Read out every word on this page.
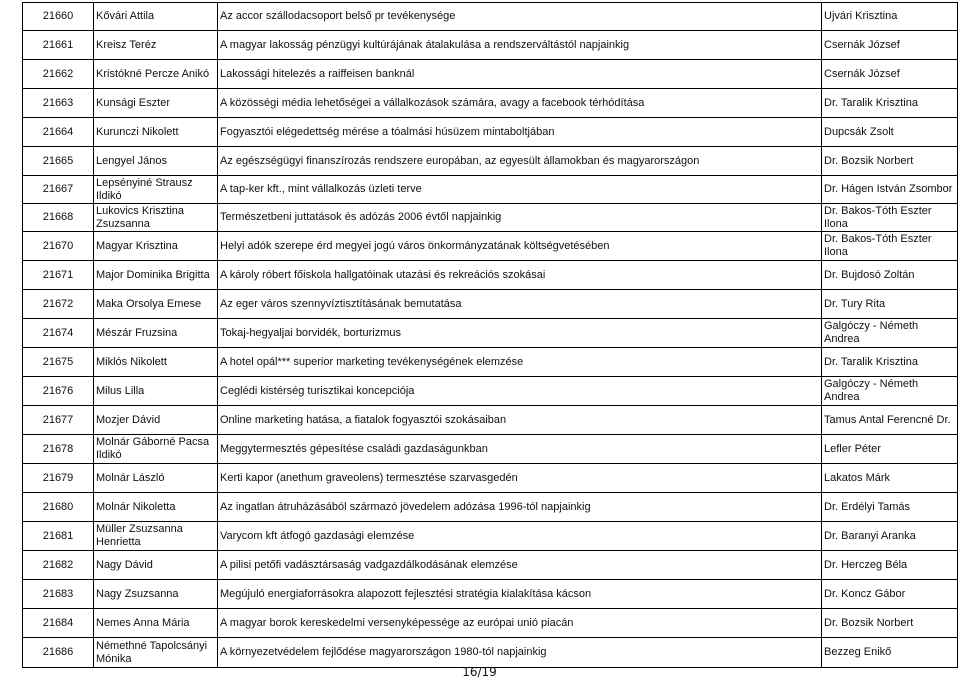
21660	Kővári Attila	Az accor szállodacsoport belső pr tevékenysége	Ujvári Krisztina
21661	Kreisz Teréz	A magyar lakosság pénzügyi kultúrájának átalakulása a rendszerváltástól napjainkig	Csernák József
21662	Kristókné Percze Anikó	Lakossági hitelezés a raiffeisen banknál	Csernák József
21663	Kunsági Eszter	A közösségi média lehetőségei a vállalkozások számára, avagy a facebook térhódítása	Dr. Taralik Krisztina
21664	Kurunczi Nikolett	Fogyasztói elégedettség mérése a tóalmási húsüzem mintaboltjában	Dupcsák Zsolt
21665	Lengyel János	Az egészségügyi finanszírozás rendszere europában, az egyesült államokban és magyarországon	Dr. Bozsik Norbert
21667	Lepsényiné Strausz Ildikó	A tap-ker kft., mint vállalkozás üzleti terve	Dr. Hágen István Zsombor
21668	Lukovics Krisztina Zsuzsanna	Természetbeni juttatások és adózás 2006 évtől napjainkig	Dr. Bakos-Tóth Eszter Ilona
21670	Magyar Krisztina	Helyi adók szerepe érd megyei jogú város önkormányzatának költségvetésében	Dr. Bakos-Tóth Eszter Ilona
21671	Major Dominika Brigitta	A károly róbert főiskola hallgatóinak utazási és rekreációs szokásai	Dr. Bujdosó Zoltán
21672	Maka Orsolya Emese	Az eger város szennyvíztisztításának bemutatása	Dr. Tury Rita
21674	Mészár Fruzsina	Tokaj-hegyaljai borvidék, borturizmus	Galgóczy - Németh Andrea
21675	Miklós Nikolett	A hotel opál*** superior marketing tevékenységének elemzése	Dr. Taralik Krisztina
21676	Milus Lilla	Ceglédi kistérség turisztikai koncepciója	Galgóczy - Németh Andrea
21677	Mozjer Dávid	Online marketing hatása, a fiatalok fogyasztói szokásaiban	Tamus Antal Ferencné Dr.
21678	Molnár Gáborné Pacsa Ildikó	Meggytermesztés gépesítése családi gazdaságunkban	Lefler Péter
21679	Molnár László	Kerti kapor (anethum graveolens) termesztése szarvasgedén	Lakatos Márk
21680	Molnár Nikoletta	Az ingatlan átruházásából származó jövedelem adózása 1996-tól napjainkig	Dr. Erdélyi Tamás
21681	Müller Zsuzsanna Henrietta	Varycom kft átfogó gazdasági elemzése	Dr. Baranyi Aranka
21682	Nagy Dávid	A pilisi petőfi vadásztársaság vadgazdálkodásának elemzése	Dr. Herczeg Béla
21683	Nagy Zsuzsanna	Megújuló energiaforrásokra alapozott fejlesztési stratégia kialakítása kácson	Dr. Koncz Gábor
21684	Nemes Anna Mária	A magyar borok kereskedelmi versenyképessége az európai unió piacán	Dr. Bozsik Norbert
21686	Némethné Tapolcsányi Mónika	A környezetvédelem fejlődése magyarországon 1980-tól napjainkig	Bezzeg Enikő
16/19
